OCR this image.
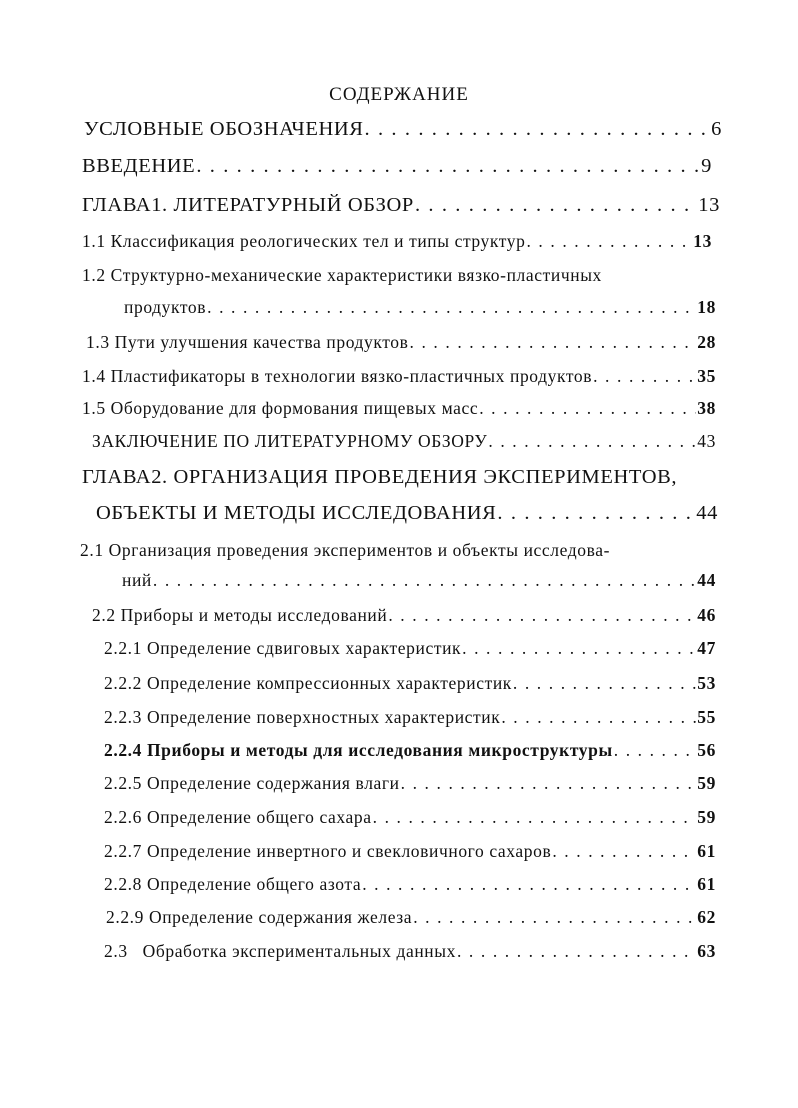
СОДЕРЖАНИЕ
УСЛОВНЫЕ ОБОЗНАЧЕНИЯ . . .	6
ВВЕДЕНИЕ . . .	9
ГЛАВА1. ЛИТЕРАТУРНЫЙ ОБЗОР . . .	13
1.1 Классификация реологических тел и типы структур . . .	13
1.2 Структурно-механические характеристики вязко-пластичных
продуктов . . .	18
1.3 Пути улучшения качества продуктов . . .	28
1.4 Пластификаторы в технологии вязко-пластичных продуктов . . .	35
1.5 Оборудование для формования пищевых масс . . .	38
ЗАКЛЮЧЕНИЕ ПО ЛИТЕРАТУРНОМУ ОБЗОРУ . . .	43
ГЛАВА2. ОРГАНИЗАЦИЯ ПРОВЕДЕНИЯ ЭКСПЕРИМЕНТОВ,
ОБЪЕКТЫ И МЕТОДЫ ИССЛЕДОВАНИЯ . . .	44
2.1 Организация проведения экспериментов и объекты исследова-
ний . . .	44
2.2 Приборы и методы исследований . . .	46
2.2.1 Определение сдвиговых характеристик . . .	47
2.2.2 Определение компрессионных характеристик . . .	53
2.2.3 Определение поверхностных характеристик . . .	55
2.2.4 Приборы и методы для исследования микроструктуры . . .	56
2.2.5 Определение содержания влаги . . .	59
2.2.6 Определение общего сахара . . .	59
2.2.7 Определение инвертного и свекловичного сахаров . . .	61
2.2.8 Определение общего азота . . .	61
2.2.9 Определение содержания железа . . .	62
2.3   Обработка экспериментальных данных . . .	63
